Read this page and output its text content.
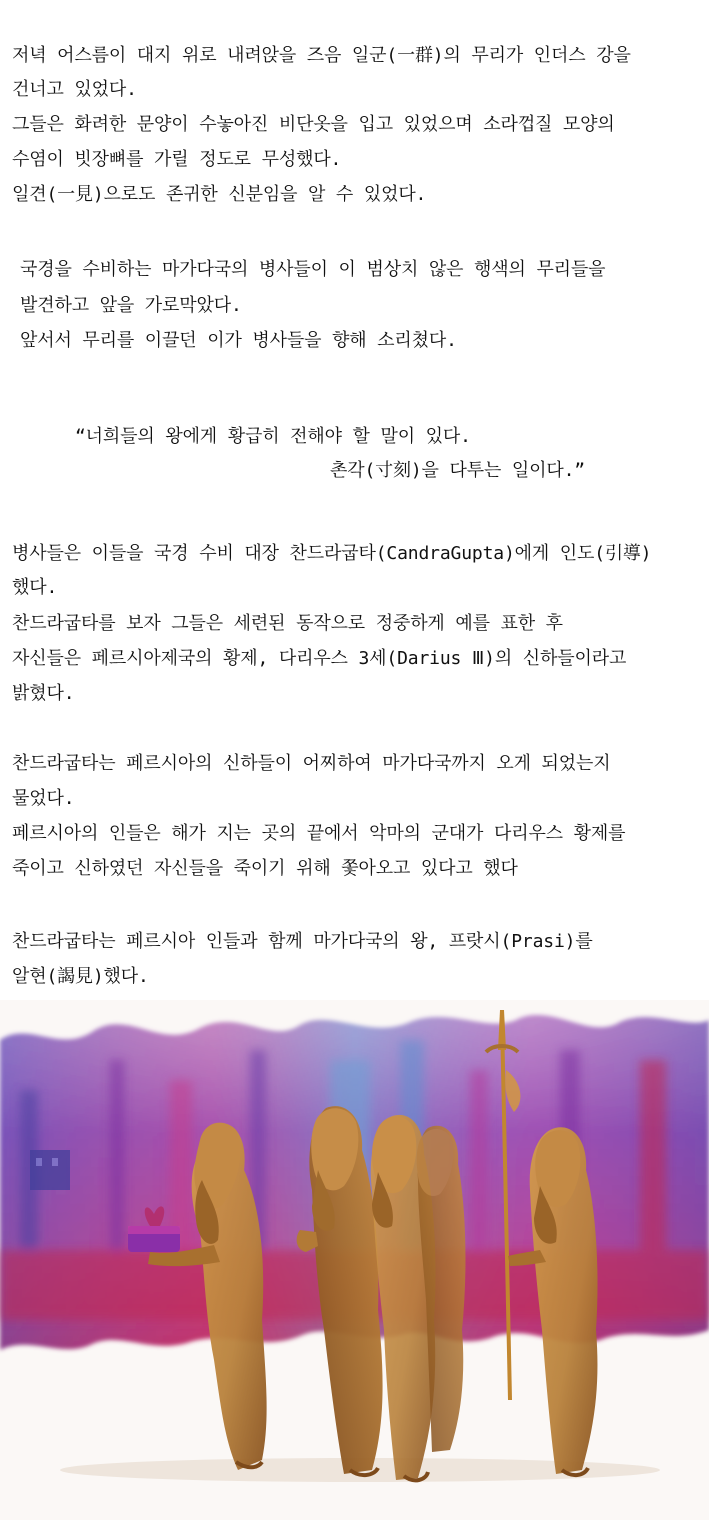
저녁 어스름이 대지 위로 내려앉을 즈음 일군(一群)의 무리가 인더스 강을
건너고 있었다.
그들은 화려한 문양이 수놓아진 비단옷을 입고 있었으며 소라껍질 모양의
수염이 빗장뼈를 가릴 정도로 무성했다.
일견(一見)으로도 존귀한 신분임을 알 수 있었다.
국경을 수비하는 마가다국의 병사들이 이 범상치 않은 행색의 무리들을
발견하고 앞을 가로막았다.
앞서서 무리를 이끌던 이가 병사들을 향해 소리쳤다.
“너희들의 왕에게 황급히 전해야 할 말이 있다.
촌각(寸刻)을 다투는 일이다.”
병사들은 이들을 국경 수비 대장 찬드라굽타(CandraGupta)에게 인도(引導)
했다.
찬드라굽타를 보자 그들은 세련된 동작으로 정중하게 예를 표한 후
자신들은 페르시아제국의 황제, 다리우스 3세(Darius Ⅲ)의 신하들이라고
밝혔다.
찬드라굽타는 페르시아의 신하들이 어찌하여 마가다국까지 오게 되었는지
물었다.
페르시아의 인들은 해가 지는 곳의 끝에서 악마의 군대가 다리우스 황제를
죽이고 신하였던 자신들을 죽이기 위해 쫓아오고 있다고 했다
찬드라굽타는 페르시아 인들과 함께 마가다국의 왕, 프랏시(Prasi)를
알현(謁見)했다.
